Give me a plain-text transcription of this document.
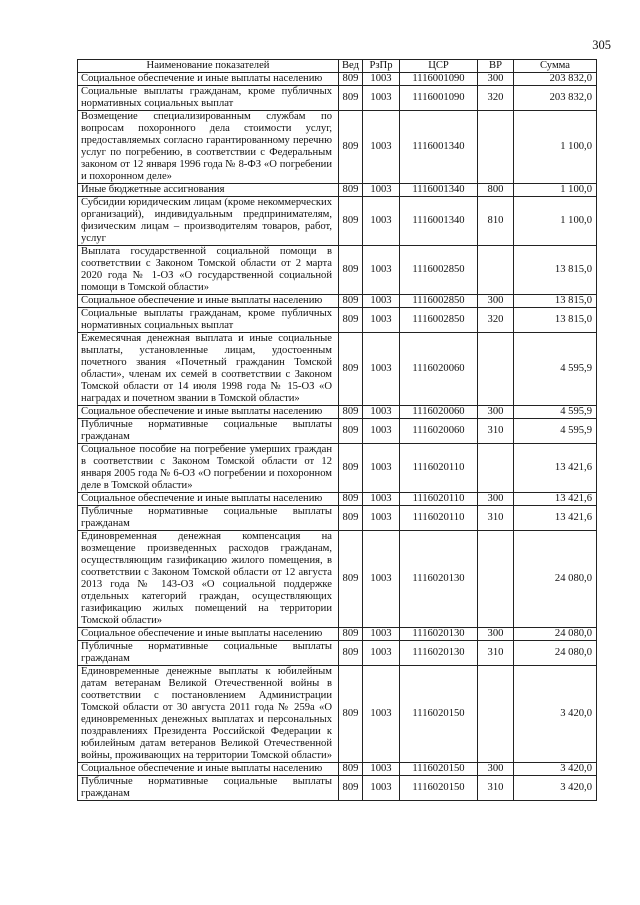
305
Наименование показателей	Вед	РзПр	ЦСР	ВР	Сумма
Социальное обеспечение и иные выплаты населению	809	1003	1116001090	300	203 832,0
Социальные выплаты гражданам, кроме публичных нормативных социальных выплат	809	1003	1116001090	320	203 832,0
Возмещение специализированным службам по вопросам похоронного дела стоимости услуг, предоставляемых согласно гарантированному перечню услуг по погребению, в соответствии с Федеральным законом от 12 января 1996 года № 8-ФЗ «О погребении и похоронном деле»	809	1003	1116001340		1 100,0
Иные бюджетные ассигнования	809	1003	1116001340	800	1 100,0
Субсидии юридическим лицам (кроме некоммерческих организаций), индивидуальным предпринимателям, физическим лицам – производителям товаров, работ, услуг	809	1003	1116001340	810	1 100,0
Выплата государственной социальной помощи в соответствии с Законом Томской области от 2 марта 2020 года № 1-ОЗ «О государственной социальной помощи в Томской области»	809	1003	1116002850		13 815,0
Социальное обеспечение и иные выплаты населению	809	1003	1116002850	300	13 815,0
Социальные выплаты гражданам, кроме публичных нормативных социальных выплат	809	1003	1116002850	320	13 815,0
Ежемесячная денежная выплата и иные социальные выплаты, установленные лицам, удостоенным почетного звания «Почетный гражданин Томской области», членам их семей в соответствии с Законом Томской области от 14 июля 1998 года № 15-ОЗ «О наградах и почетном звании в Томской области»	809	1003	1116020060		4 595,9
Социальное обеспечение и иные выплаты населению	809	1003	1116020060	300	4 595,9
Публичные нормативные социальные выплаты гражданам	809	1003	1116020060	310	4 595,9
Социальное пособие на погребение умерших граждан в соответствии с Законом Томской области от 12 января 2005 года № 6-ОЗ «О погребении и похоронном деле в Томской области»	809	1003	1116020110		13 421,6
Социальное обеспечение и иные выплаты населению	809	1003	1116020110	300	13 421,6
Публичные нормативные социальные выплаты гражданам	809	1003	1116020110	310	13 421,6
Единовременная денежная компенсация на возмещение произведенных расходов гражданам, осуществляющим газификацию жилого помещения, в соответствии с Законом Томской области от 12 августа 2013 года № 143-ОЗ «О социальной поддержке отдельных категорий граждан, осуществляющих газификацию жилых помещений на территории Томской области»	809	1003	1116020130		24 080,0
Социальное обеспечение и иные выплаты населению	809	1003	1116020130	300	24 080,0
Публичные нормативные социальные выплаты гражданам	809	1003	1116020130	310	24 080,0
Единовременные денежные выплаты к юбилейным датам ветеранам Великой Отечественной войны в соответствии с постановлением Администрации Томской области от 30 августа 2011 года № 259а «О единовременных денежных выплатах и персональных поздравлениях Президента Российской Федерации к юбилейным датам ветеранов Великой Отечественной войны, проживающих на территории Томской области»	809	1003	1116020150		3 420,0
Социальное обеспечение и иные выплаты населению	809	1003	1116020150	300	3 420,0
Публичные нормативные социальные выплаты гражданам	809	1003	1116020150	310	3 420,0
